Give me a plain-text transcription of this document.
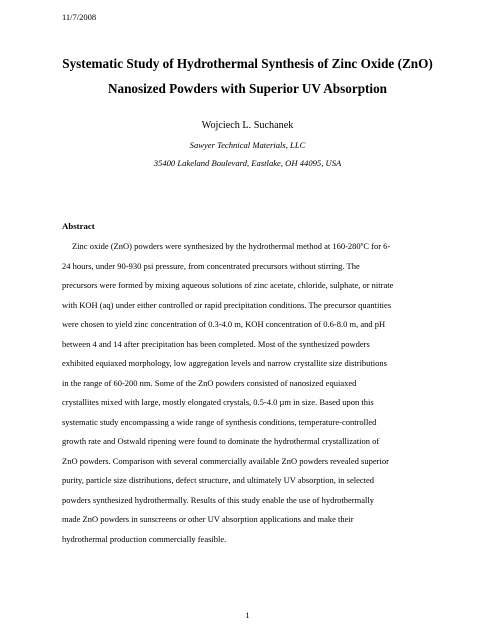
11/7/2008
Systematic Study of Hydrothermal Synthesis of Zinc Oxide (ZnO)
Nanosized Powders with Superior UV Absorption
Wojciech L. Suchanek
Sawyer Technical Materials, LLC
35400 Lakeland Boulevard, Eastlake, OH 44095, USA
Abstract
Zinc oxide (ZnO) powders were synthesized by the hydrothermal method at 160-280ºC for 6-
24 hours, under 90-930 psi pressure, from concentrated precursors without stirring. The
precursors were formed by mixing aqueous solutions of zinc acetate, chloride, sulphate, or nitrate
with KOH (aq) under either controlled or rapid precipitation conditions. The precursor quantities
were chosen to yield zinc concentration of 0.3-4.0 m, KOH concentration of 0.6-8.0 m, and pH
between 4 and 14 after precipitation has been completed. Most of the synthesized powders
exhibited equiaxed morphology, low aggregation levels and narrow crystallite size distributions
in the range of 60-200 nm. Some of the ZnO powders consisted of nanosized equiaxed
crystallites mixed with large, mostly elongated crystals, 0.5-4.0 µm in size. Based upon this
systematic study encompassing a wide range of synthesis conditions, temperature-controlled
growth rate and Ostwald ripening were found to dominate the hydrothermal crystallization of
ZnO powders. Comparison with several commercially available ZnO powders revealed superior
purity, particle size distributions, defect structure, and ultimately UV absorption, in selected
powders synthesized hydrothermally. Results of this study enable the use of hydrothermally
made ZnO powders in sunscreens or other UV absorption applications and make their
hydrothermal production commercially feasible.
1
